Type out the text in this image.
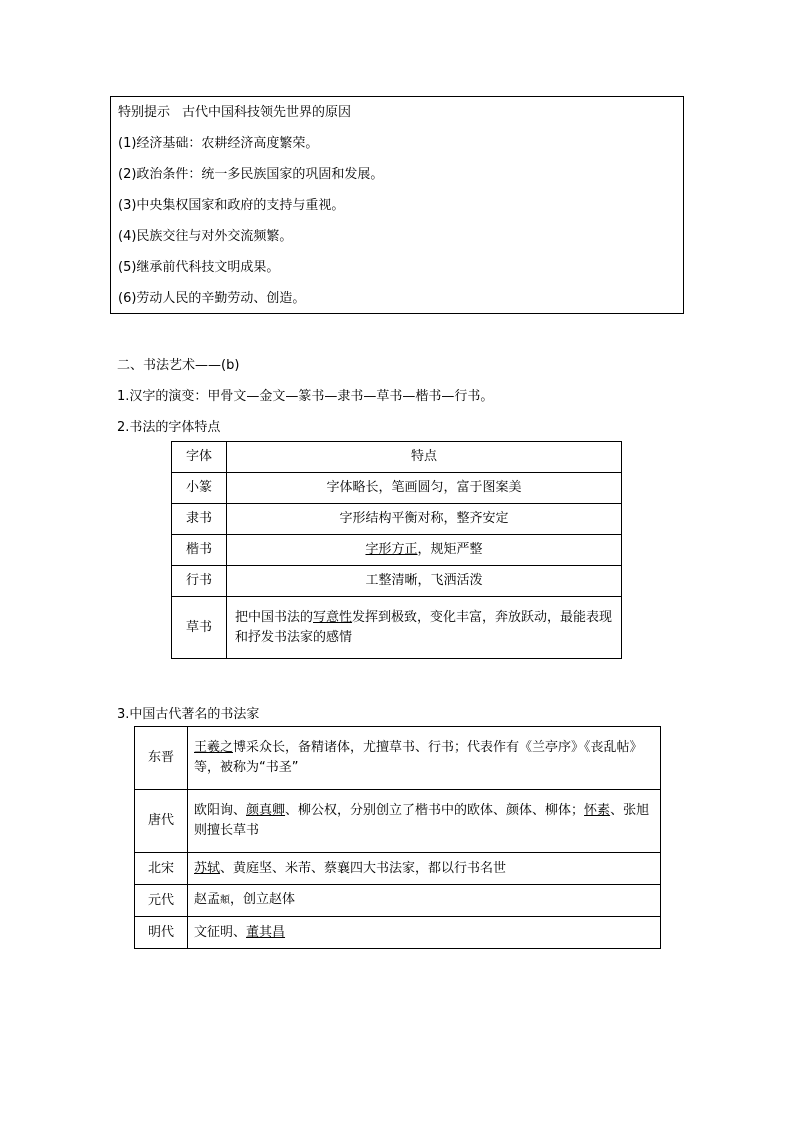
特别提示 古代中国科技领先世界的原因
(1)经济基础：农耕经济高度繁荣。
(2)政治条件：统一多民族国家的巩固和发展。
(3)中央集权国家和政府的支持与重视。
(4)民族交往与对外交流频繁。
(5)继承前代科技文明成果。
(6)劳动人民的辛勤劳动、创造。
二、书法艺术——(b)
1.汉字的演变：甲骨文—金文—篆书—隶书—草书—楷书—行书。
2.书法的字体特点
字体	特点
小篆	字体略长，笔画圆匀，富于图案美
隶书	字形结构平衡对称，整齐安定
楷书	字形方正，规矩严整
行书	工整清晰，飞洒活泼
草书	把中国书法的写意性发挥到极致，变化丰富，奔放跃动，最能表现和抒发书法家的感情
3.中国古代著名的书法家
东晋	王羲之博采众长，备精诸体，尤擅草书、行书；代表作有《兰亭序》《丧乱帖》等，被称为“书圣”
唐代	欧阳询、颜真卿、柳公权，分别创立了楷书中的欧体、颜体、柳体；怀素、张旭则擅长草书
北宋	苏轼、黄庭坚、米芾、蔡襄四大书法家，都以行书名世
元代	赵孟頫，创立赵体
明代	文征明、董其昌
